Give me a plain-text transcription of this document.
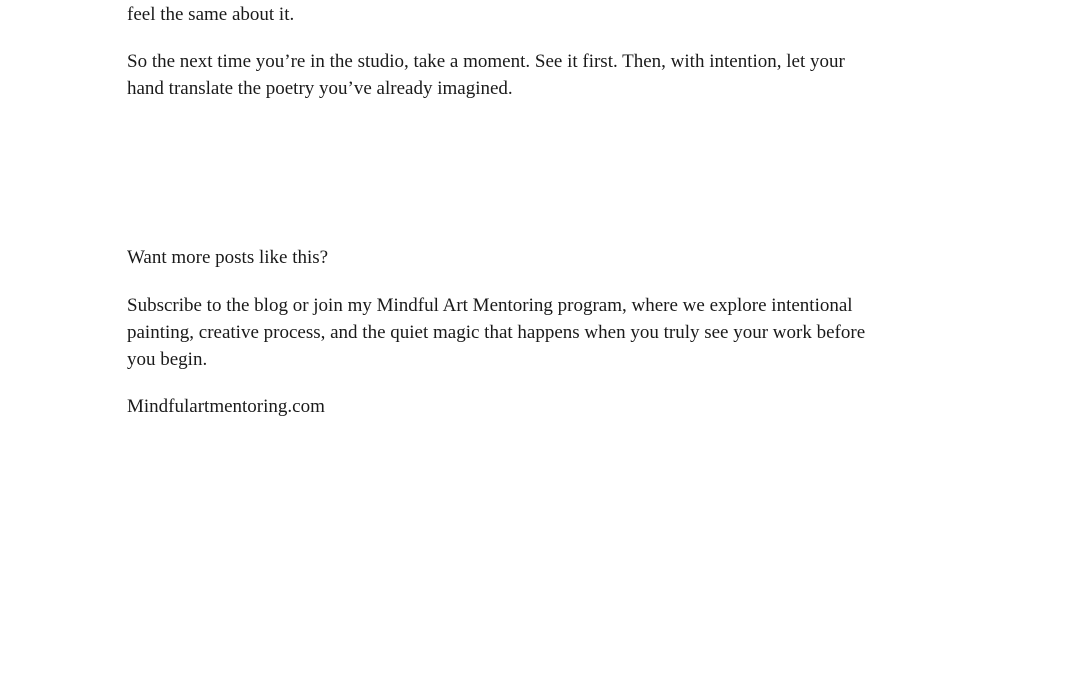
feel the same about it.
So the next time you’re in the studio, take a moment. See it first. Then, with intention, let your
hand translate the poetry you’ve already imagined.
Want more posts like this?
Subscribe to the blog or join my Mindful Art Mentoring program, where we explore intentional
painting, creative process, and the quiet magic that happens when you truly see your work before
you begin.
Mindfulartmentoring.com
